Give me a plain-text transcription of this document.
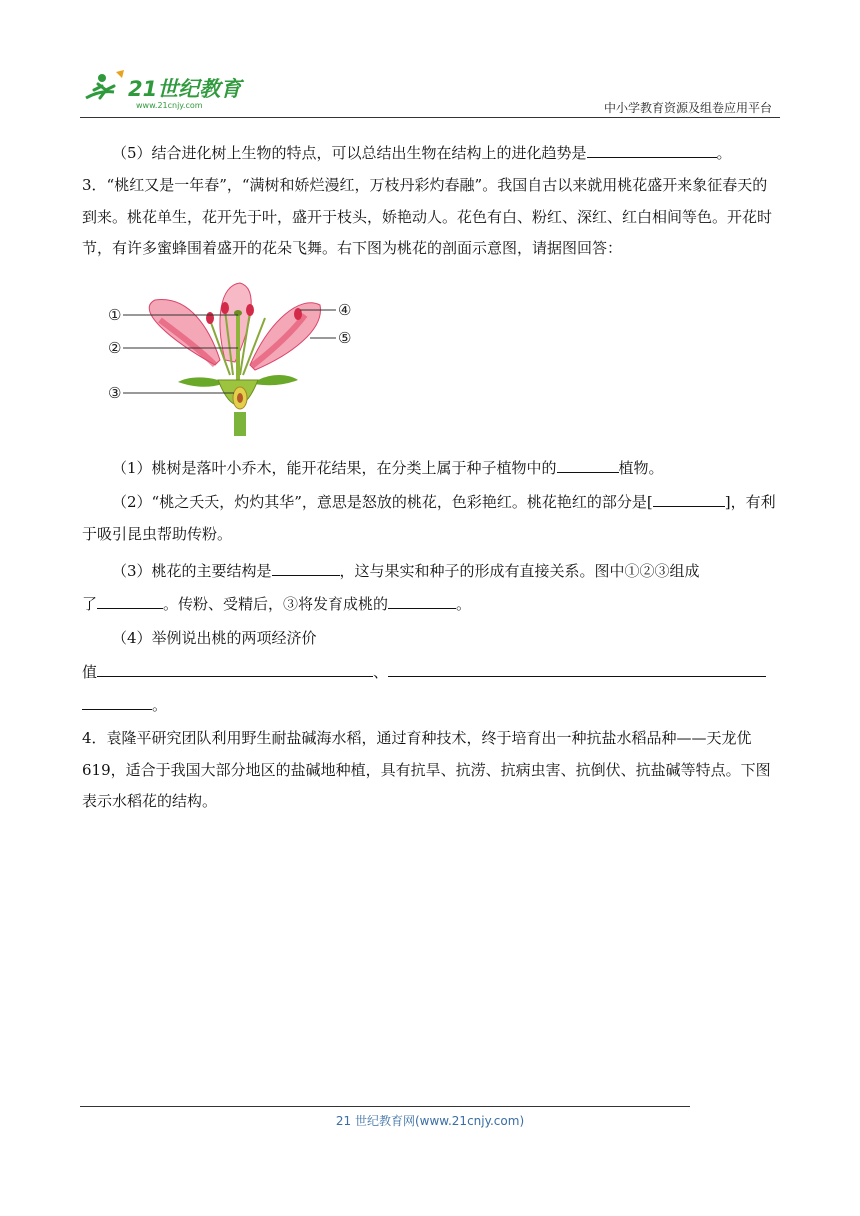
21世纪教育
www.21cnjy.com	中小学教育资源及组卷应用平台

（5）结合进化树上生物的特点，可以总结出生物在结构上的进化趋势是	。

3．“桃红又是一年春”，“满树和娇烂漫红，万枝丹彩灼春融”。我国自古以来就用桃花盛开来象征春天的到来。桃花单生，花开先于叶，盛开于枝头，娇艳动人。花色有白、粉红、深红、红白相间等色。开花时节，有许多蜜蜂围着盛开的花朵飞舞。右下图为桃花的剖面示意图，请据图回答：

①
②
③
④
⑤

（1）桃树是落叶小乔木，能开花结果，在分类上属于种子植物中的	植物。

（2）“桃之夭夭，灼灼其华”，意思是怒放的桃花，色彩艳红。桃花艳红的部分是[	]，有利于吸引昆虫帮助传粉。

（3）桃花的主要结构是	，这与果实和种子的形成有直接关系。图中①②③组成

了	。传粉、受精后，③将发育成桃的	。

（4）举例说出桃的两项经济价

值	、

。

4．袁隆平研究团队利用野生耐盐碱海水稻，通过育种技术，终于培育出一种抗盐水稻品种——天龙优 619，适合于我国大部分地区的盐碱地种植，具有抗旱、抗涝、抗病虫害、抗倒伏、抗盐碱等特点。下图表示水稻花的结构。

21 世纪教育网(www.21cnjy.com)
